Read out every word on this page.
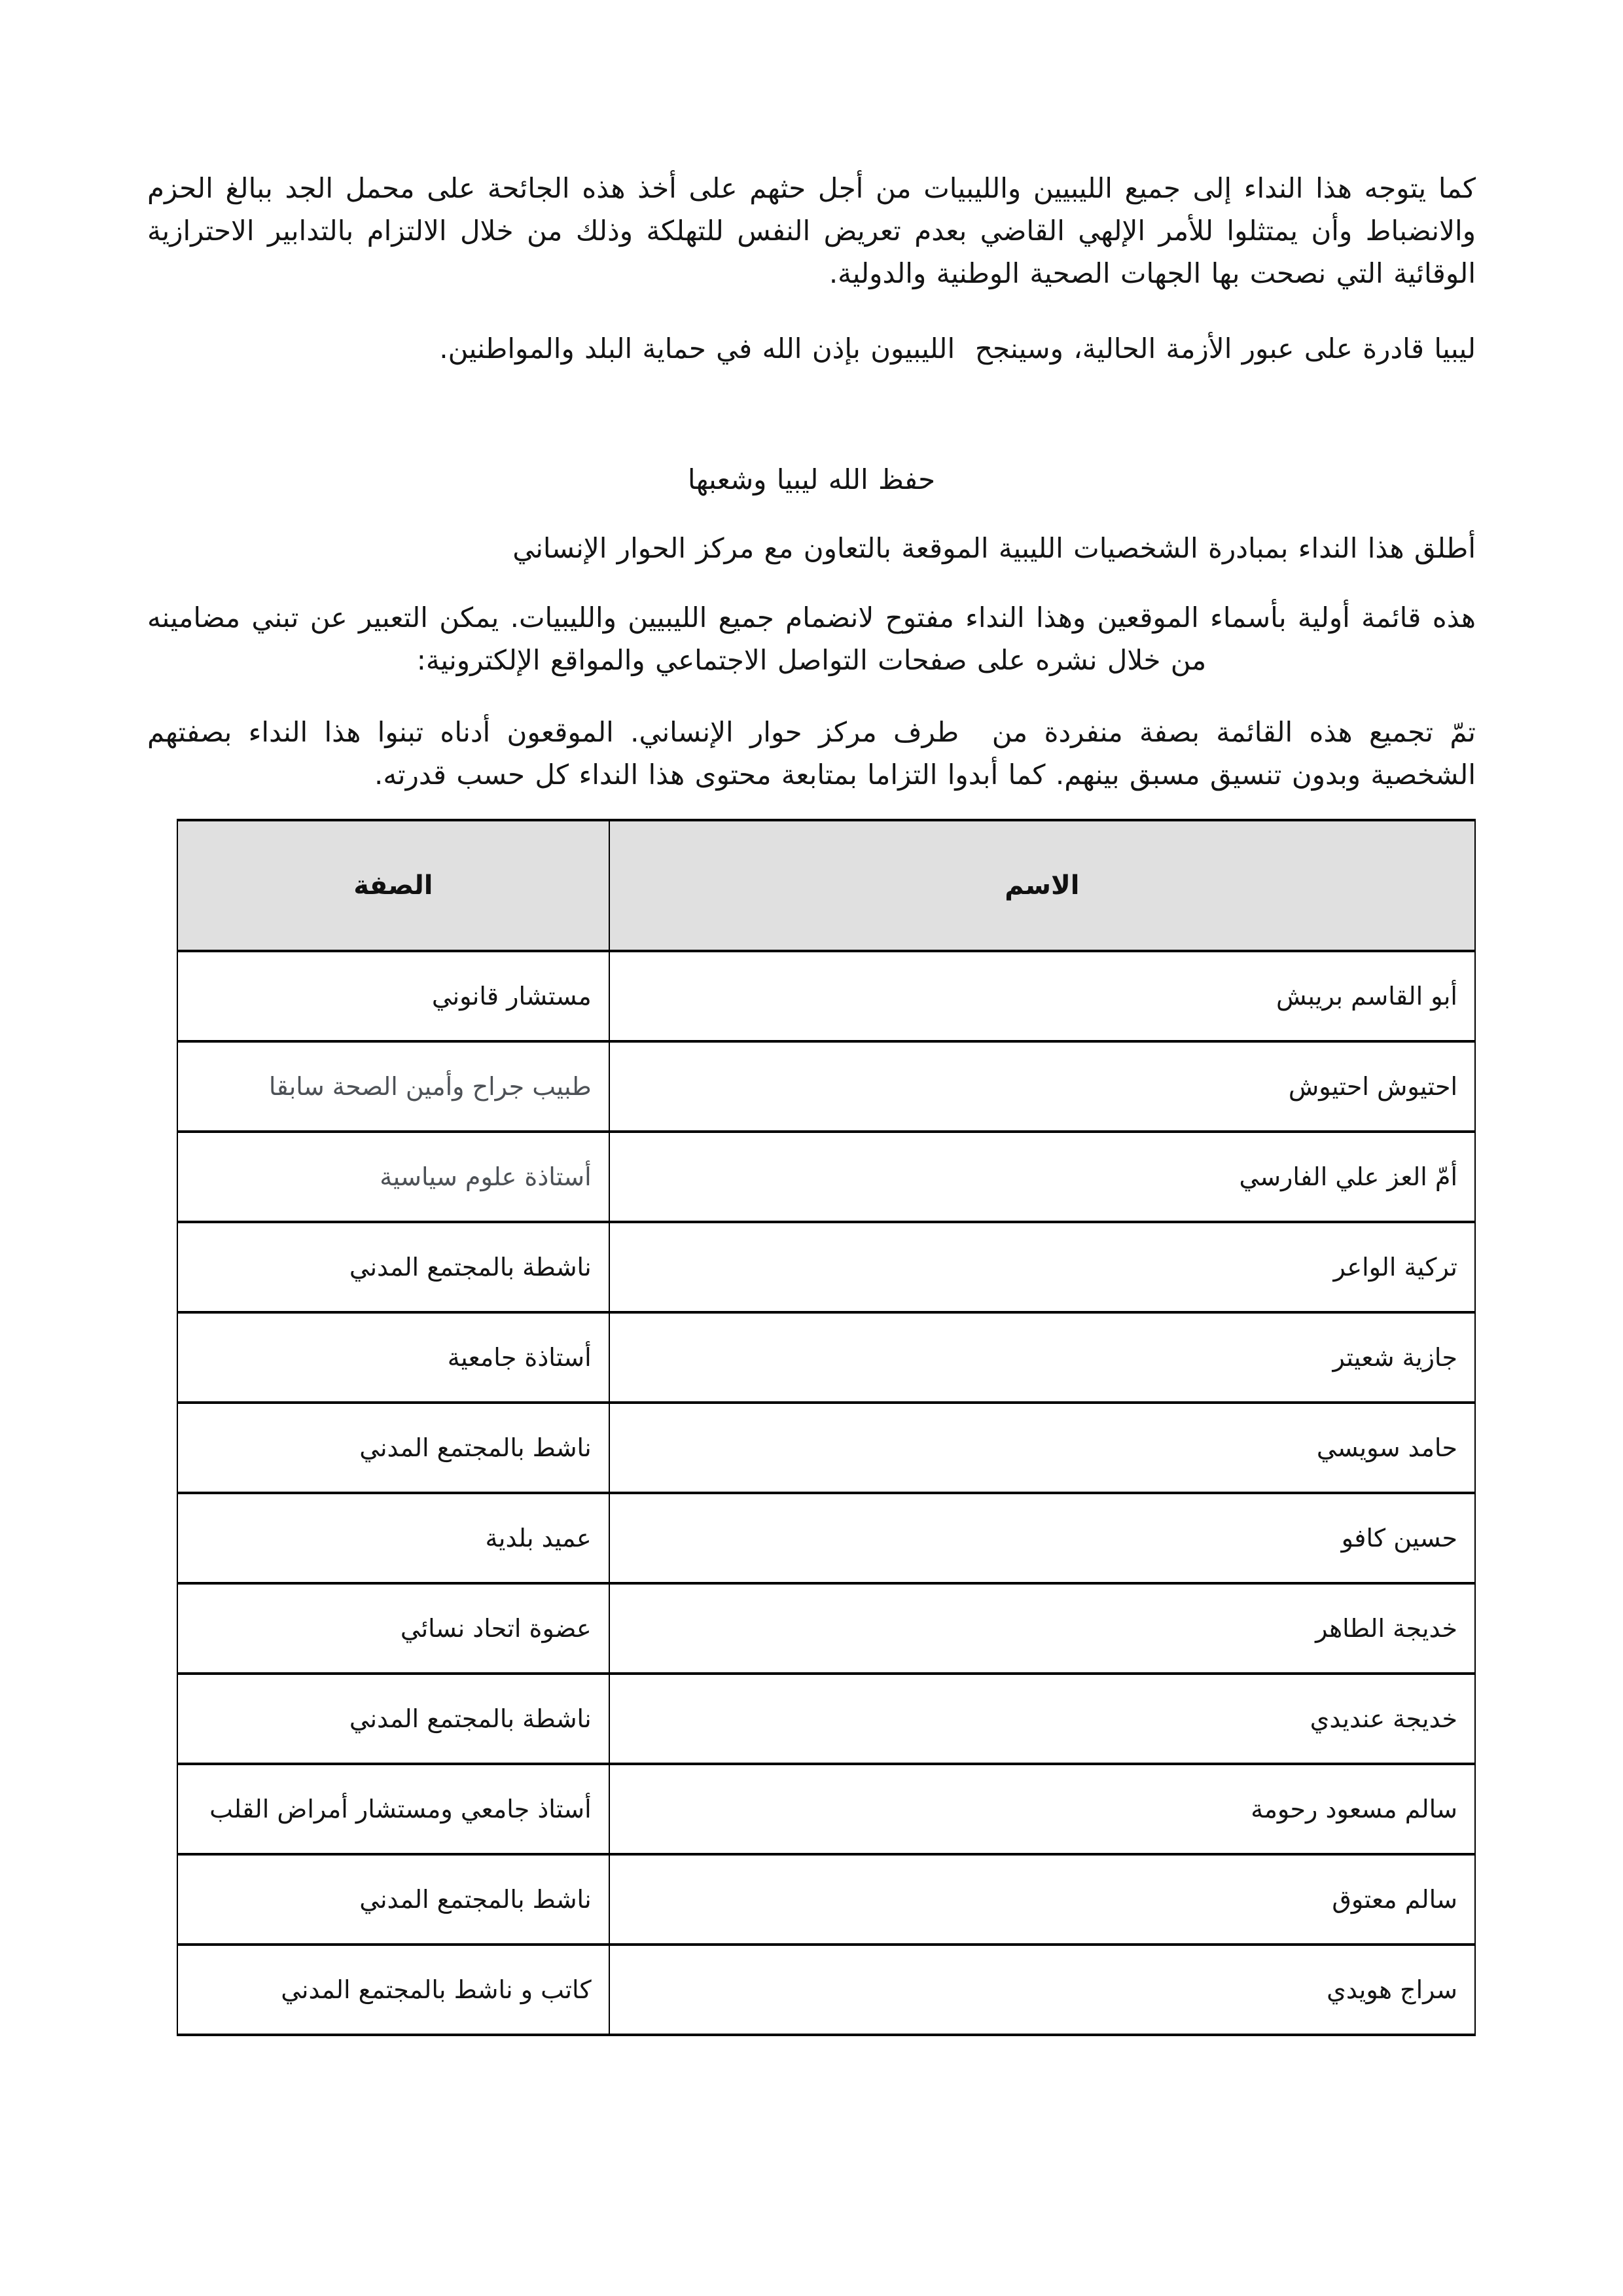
كما يتوجه هذا النداء إلى جميع الليبيين والليبيات من أجل حثهم على أخذ هذه الجائحة على محمل الجد ببالغ الحزم والانضباط وأن يمتثلوا للأمر الإلهي القاضي بعدم تعريض النفس للتهلكة وذلك من خلال الالتزام بالتدابير الاحترازية الوقائية التي نصحت بها الجهات الصحية الوطنية والدولية.

ليبيا قادرة على عبور الأزمة الحالية، وسينجح  الليبيون بإذن الله في حماية البلد والمواطنين.

حفظ الله ليبيا وشعبها

أطلق هذا النداء بمبادرة الشخصيات الليبية الموقعة بالتعاون مع مركز الحوار الإنساني

هذه قائمة أولية بأسماء الموقعين وهذا النداء مفتوح لانضمام جميع الليبيين والليبيات. يمكن التعبير عن تبني مضامينه من خلال نشره على صفحات التواصل الاجتماعي والمواقع الإلكترونية:

تمّ تجميع هذه القائمة بصفة منفردة من  طرف مركز حوار الإنساني. الموقعون أدناه تبنوا هذا النداء بصفتهم الشخصية وبدون تنسيق مسبق بينهم. كما أبدوا التزاما بمتابعة محتوى هذا النداء كل حسب قدرته.

الاسم	الصفة
أبو القاسم بريبش	مستشار قانوني
احتيوش احتيوش	طبيب جراح وأمين الصحة سابقا
أمّ العز علي الفارسي	أستاذة علوم سياسية
تركية الواعر	ناشطة بالمجتمع المدني
جازية شعيتر	أستاذة جامعية
حامد سويسي	ناشط بالمجتمع المدني
حسين كافو	عميد بلدية
خديجة الطاهر	عضوة اتحاد نسائي
خديجة عنديدي	ناشطة بالمجتمع المدني
سالم مسعود رحومة	أستاذ جامعي ومستشار أمراض القلب
سالم معتوق	ناشط بالمجتمع المدني
سراج هويدي	كاتب و ناشط بالمجتمع المدني
